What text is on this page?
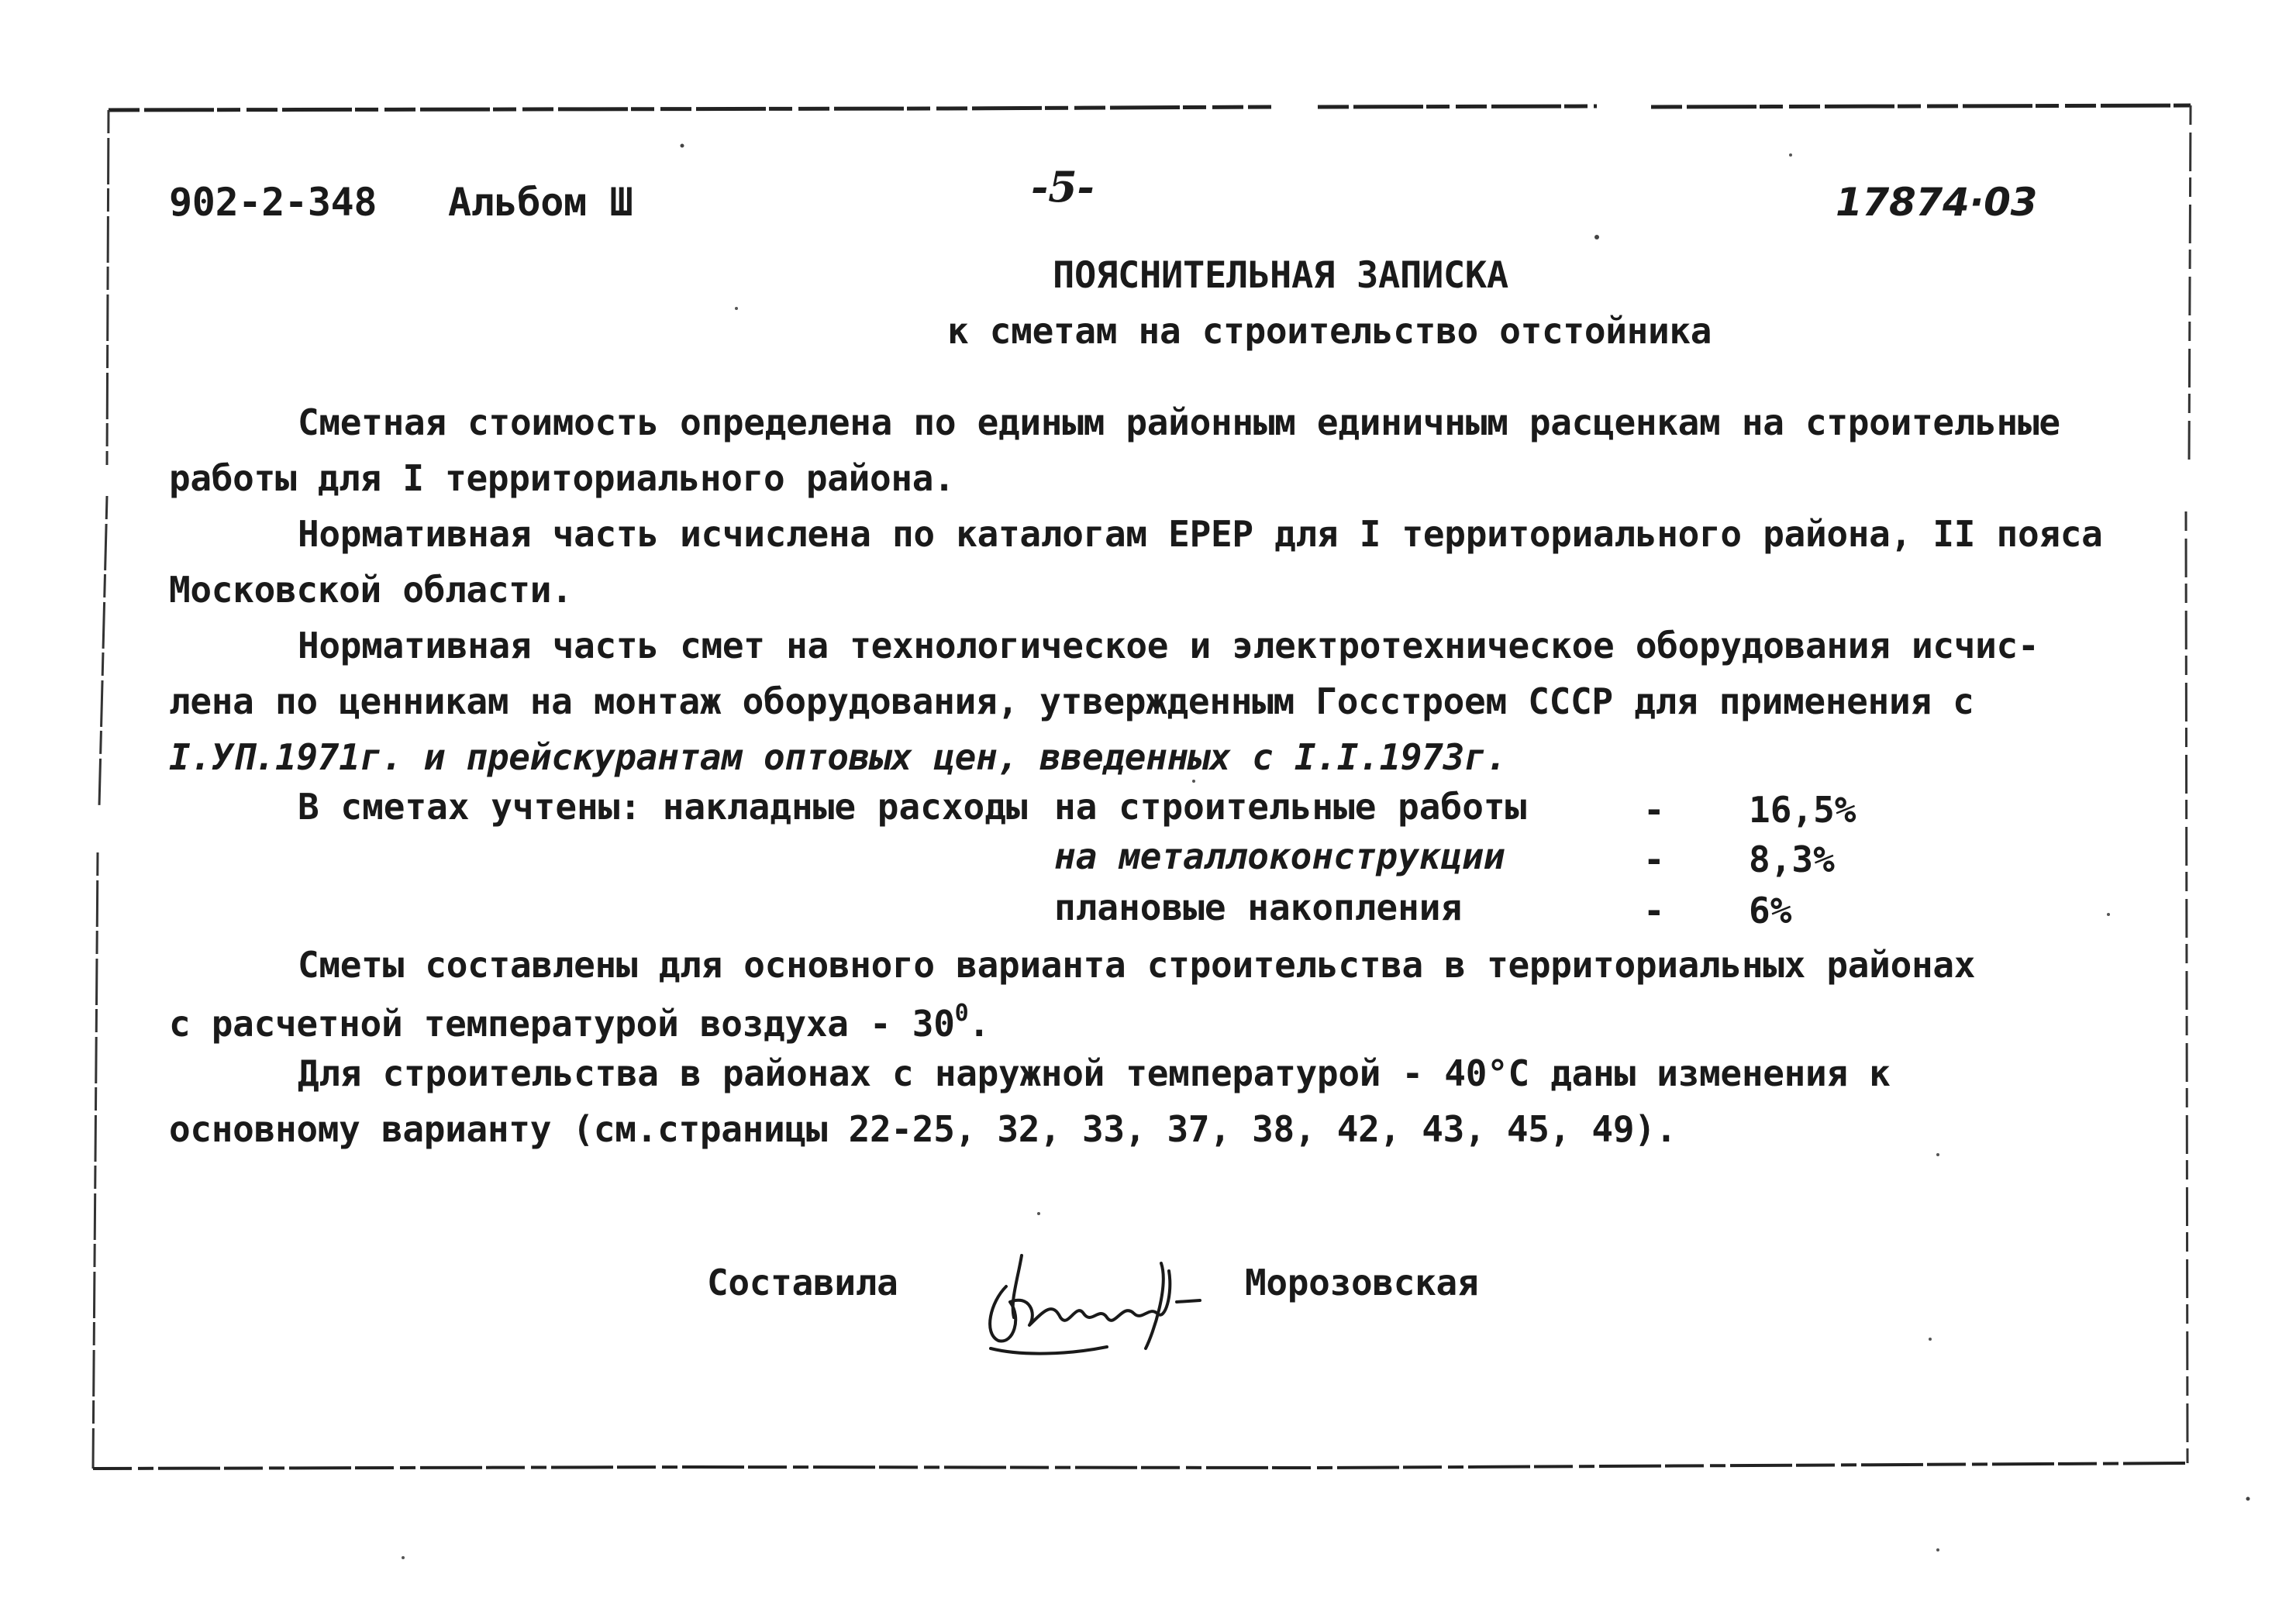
902-2-348 Альбом Ш	-5-	17874·03
ПОЯСНИТЕЛЬНАЯ ЗАПИСКА
к сметам на строительство отстойника
Сметная стоимость определена по единым районным единичным расценкам на строительные
работы для I территориального района.
Нормативная часть исчислена по каталогам ЕРЕР для I территориального района, II пояса
Московской области.
Нормативная часть смет на технологическое и электротехническое оборудования исчис-
лена по ценникам на монтаж оборудования, утвержденным Госстроем СССР для применения с
I.УП.1971г. и прейскурантам оптовых цен, введенных с I.I.1973г.
В сметах учтены: накладные расходы на строительные работы	- 16,5%
на металлоконструкции	- 8,3%
плановые накопления	- 6%
Сметы составлены для основного варианта строительства в территориальных районах
с расчетной температурой воздуха - $30^0$.
Для строительства в районах с наружной температурой - 40°С даны изменения к
основному варианту (см.страницы 22-25, 32, 33, 37, 38, 42, 43, 45, 49).
Составила	Морозовская
